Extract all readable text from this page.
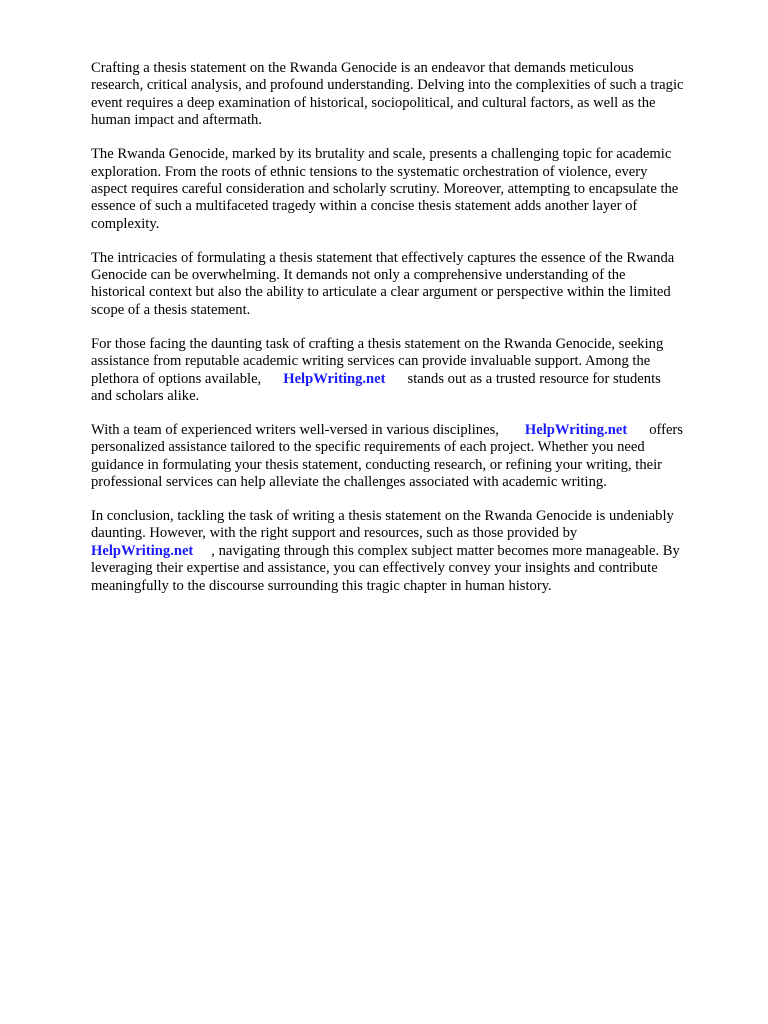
Crafting a thesis statement on the Rwanda Genocide is an endeavor that demands meticulous
research, critical analysis, and profound understanding. Delving into the complexities of such a tragic
event requires a deep examination of historical, sociopolitical, and cultural factors, as well as the
human impact and aftermath.

The Rwanda Genocide, marked by its brutality and scale, presents a challenging topic for academic
exploration. From the roots of ethnic tensions to the systematic orchestration of violence, every
aspect requires careful consideration and scholarly scrutiny. Moreover, attempting to encapsulate the
essence of such a multifaceted tragedy within a concise thesis statement adds another layer of
complexity.

The intricacies of formulating a thesis statement that effectively captures the essence of the Rwanda
Genocide can be overwhelming. It demands not only a comprehensive understanding of the
historical context but also the ability to articulate a clear argument or perspective within the limited
scope of a thesis statement.

For those facing the daunting task of crafting a thesis statement on the Rwanda Genocide, seeking
assistance from reputable academic writing services can provide invaluable support. Among the
plethora of options available, HelpWriting.net stands out as a trusted resource for students
and scholars alike.

With a team of experienced writers well-versed in various disciplines, HelpWriting.net offers
personalized assistance tailored to the specific requirements of each project. Whether you need
guidance in formulating your thesis statement, conducting research, or refining your writing, their
professional services can help alleviate the challenges associated with academic writing.

In conclusion, tackling the task of writing a thesis statement on the Rwanda Genocide is undeniably
daunting. However, with the right support and resources, such as those provided by
HelpWriting.net , navigating through this complex subject matter becomes more manageable. By
leveraging their expertise and assistance, you can effectively convey your insights and contribute
meaningfully to the discourse surrounding this tragic chapter in human history.
